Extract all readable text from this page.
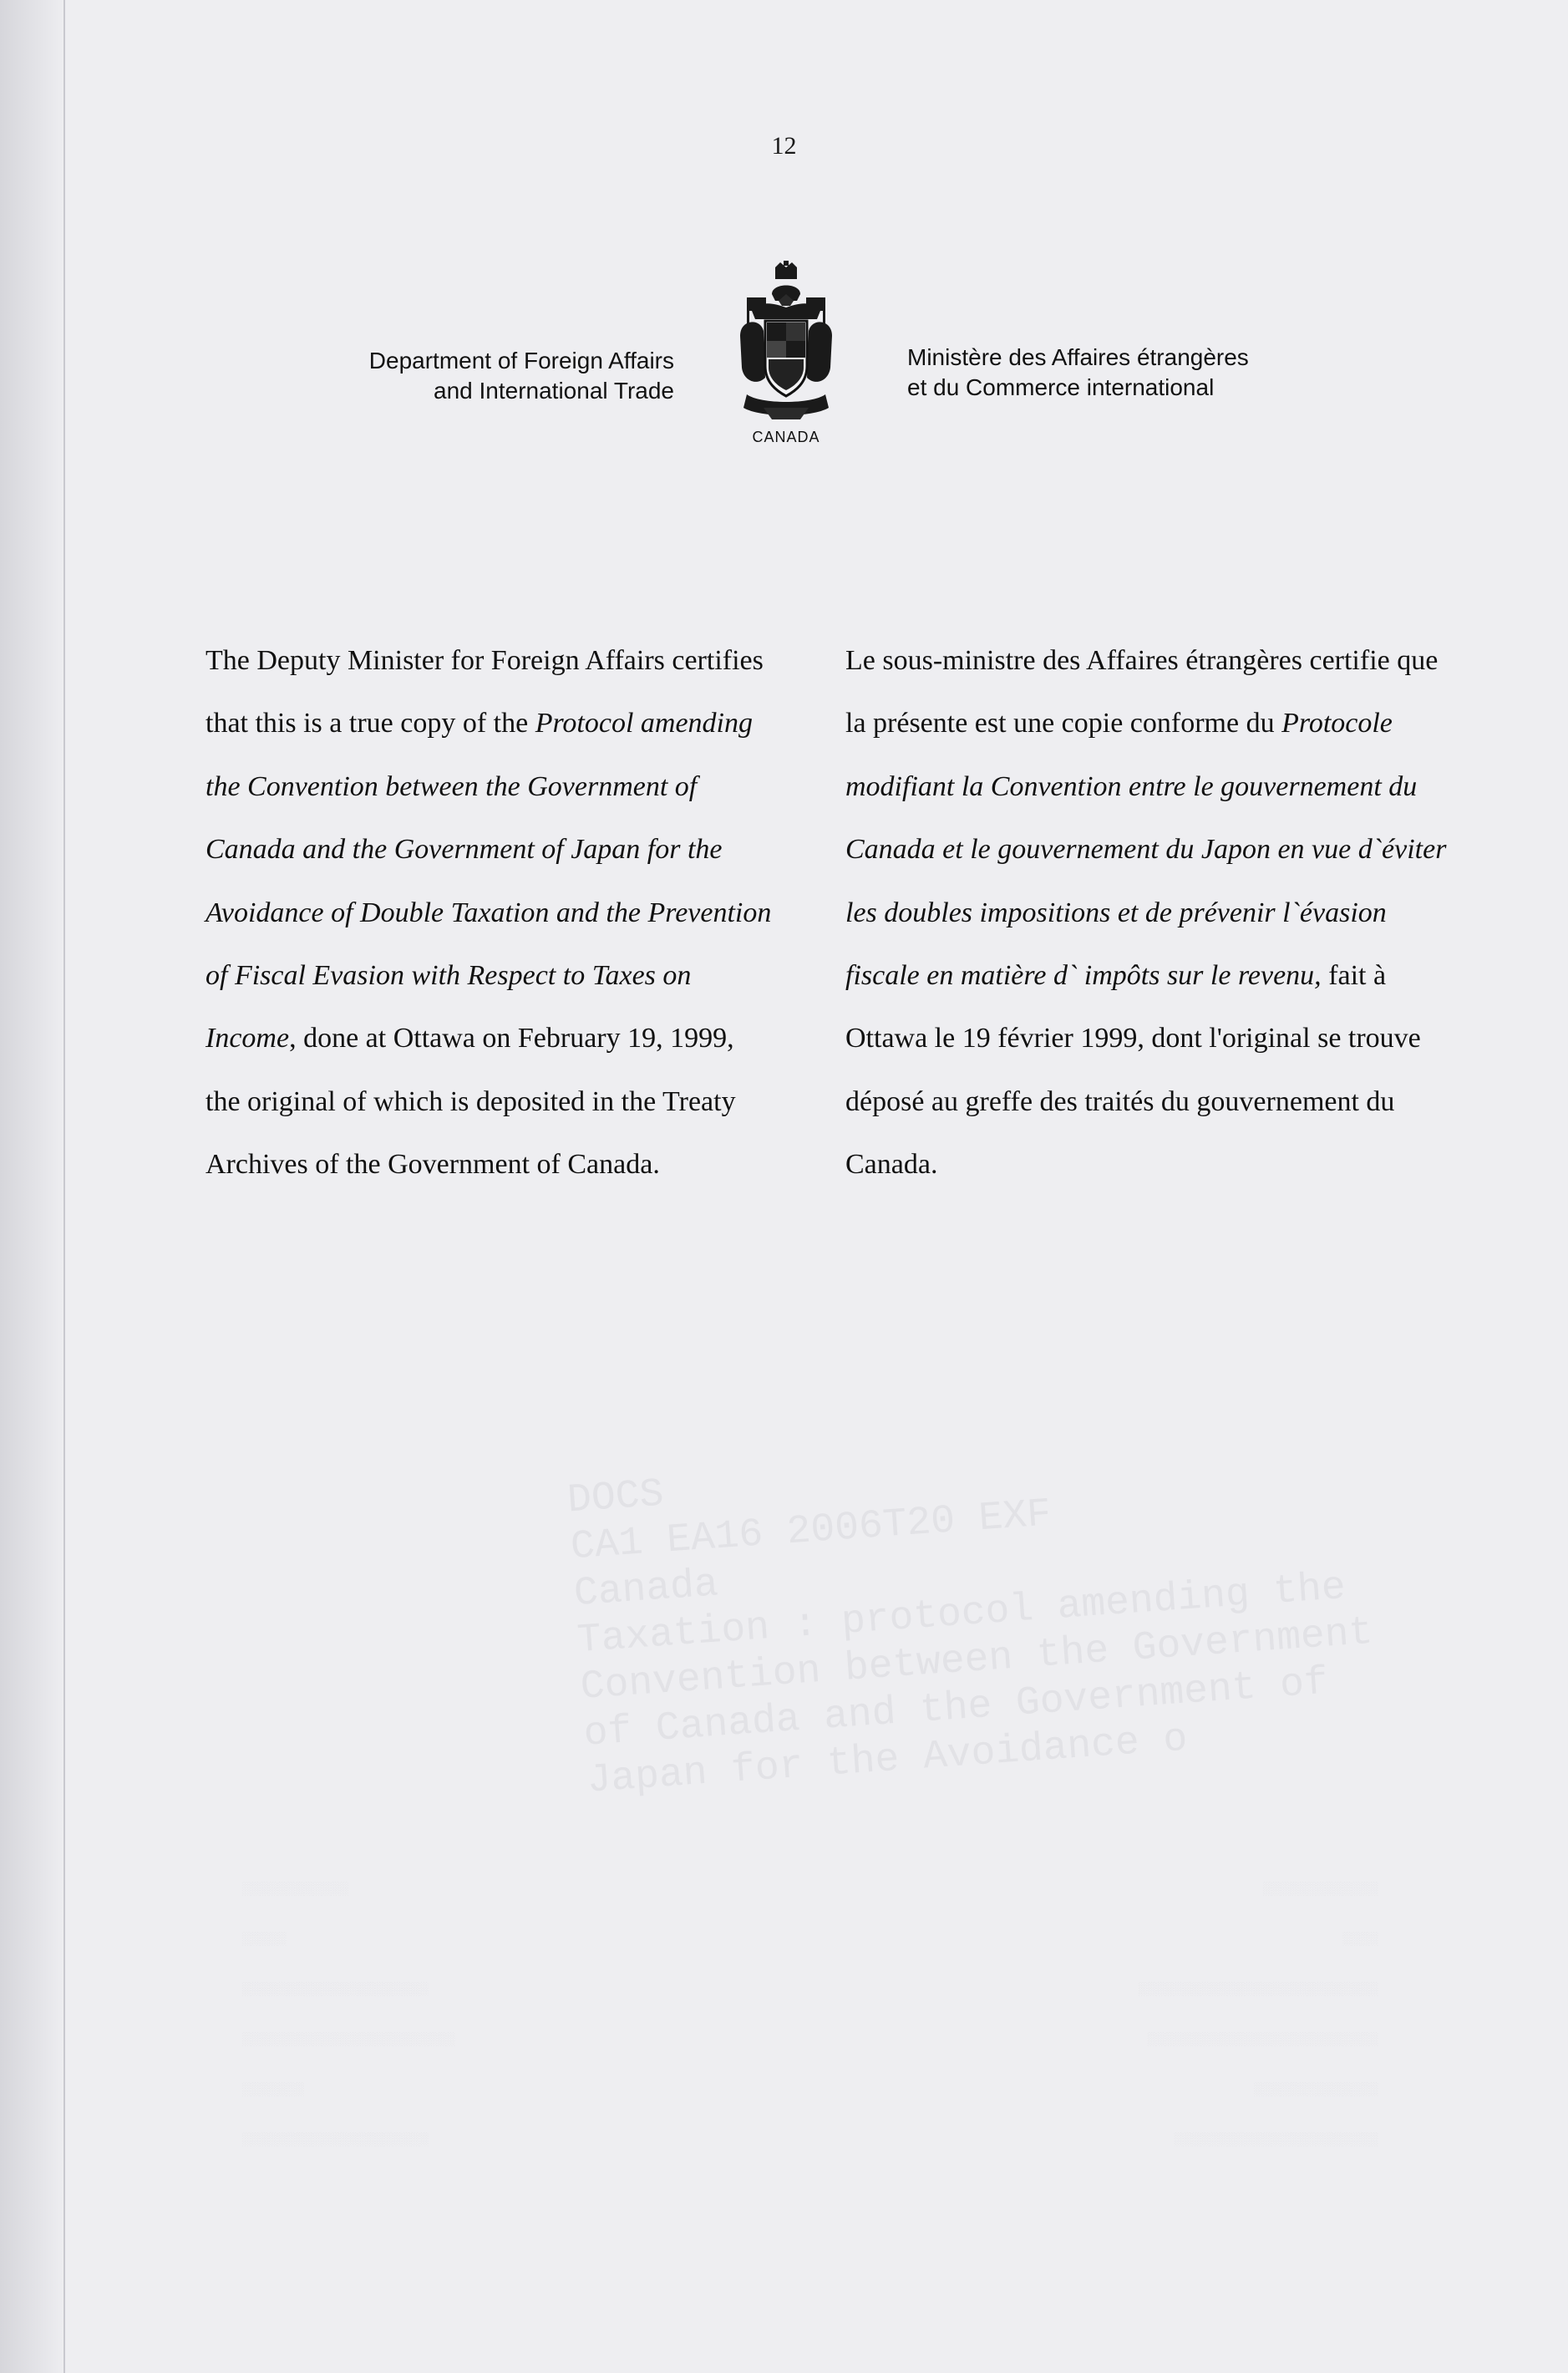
DOCS
CA1 EA16 2006T20 EXF
Canada
Taxation : protocol amending the
Convention between the Government
of Canada and the Government of
Japan for the Avoidance o
░░░░░░░░░░░░░░░░░░░░░░░
░░░░░░░░░░░░░░░░░░░░░
░░░░░░░░░░░░░░
░░░░░░░
░░░░░░░░░░░░░░░░░░░░░░░░░░
░░░░░░░░░░░░░░░░░░░░░░░░
░░░░░░░░░░░░░░░░░░░░░░░░░░░
░░░░░░░░░░░░░░░░░░░░░
░░░░
░░░░░
░░░░░░░░░░░░░
░░░░░░░░░░░░
12
Department of Foreign Affairs
and International Trade
CANADA
Ministère des Affaires étrangères
et du Commerce international

The Deputy Minister for Foreign Affairs certifies that this is a true copy of the Protocol amending the Convention between the Government of Canada and the Government of Japan for the Avoidance of Double Taxation and the Prevention of Fiscal Evasion with Respect to Taxes on Income, done at Ottawa on February 19, 1999, the original of which is deposited in the Treaty Archives of the Government of Canada.

Le sous-ministre des Affaires étrangères certifie que la présente est une copie conforme du Protocole modifiant la Convention entre le gouvernement du Canada et le gouvernement du Japon en vue d`éviter les doubles impositions et de prévenir l`évasion fiscale en matière d` impôts sur le revenu, fait à Ottawa le 19 février 1999, dont l'original se trouve déposé au greffe des traités du gouvernement du Canada.
